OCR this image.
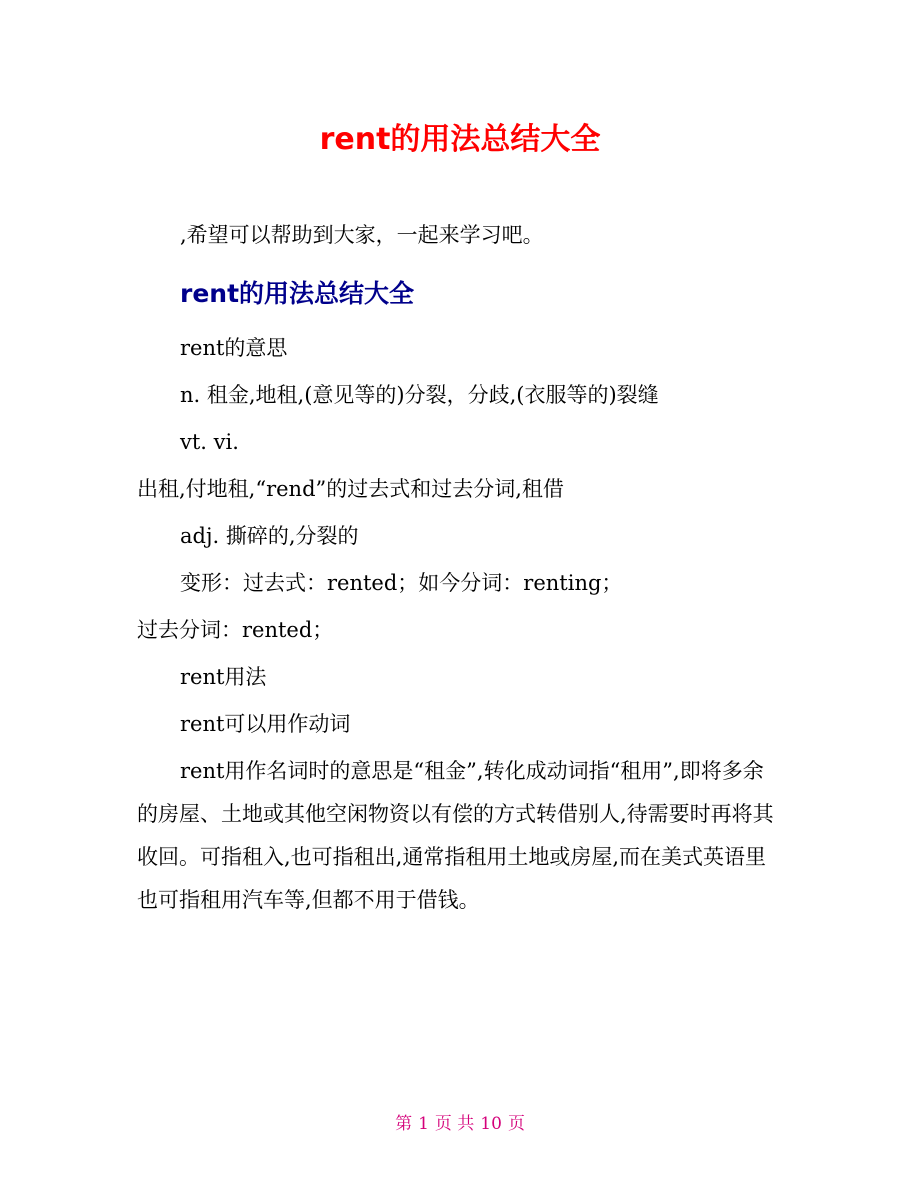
rent的用法总结大全

,希望可以帮助到大家，一起来学习吧。

rent的用法总结大全

rent的意思

n. 租金,地租,(意见等的)分裂，分歧,(衣服等的)裂缝

vt. vi.

出租,付地租,“rend”的过去式和过去分词,租借

adj. 撕碎的,分裂的

变形：过去式：rented；如今分词：renting；

过去分词：rented；

rent用法

rent可以用作动词

rent用作名词时的意思是“租金”,转化成动词指“租用”,即将多余的房屋、土地或其他空闲物资以有偿的方式转借别人,待需要时再将其收回。可指租入,也可指租出,通常指租用土地或房屋,而在美式英语里也可指租用汽车等,但都不用于借钱。

第 1 页 共 10 页
